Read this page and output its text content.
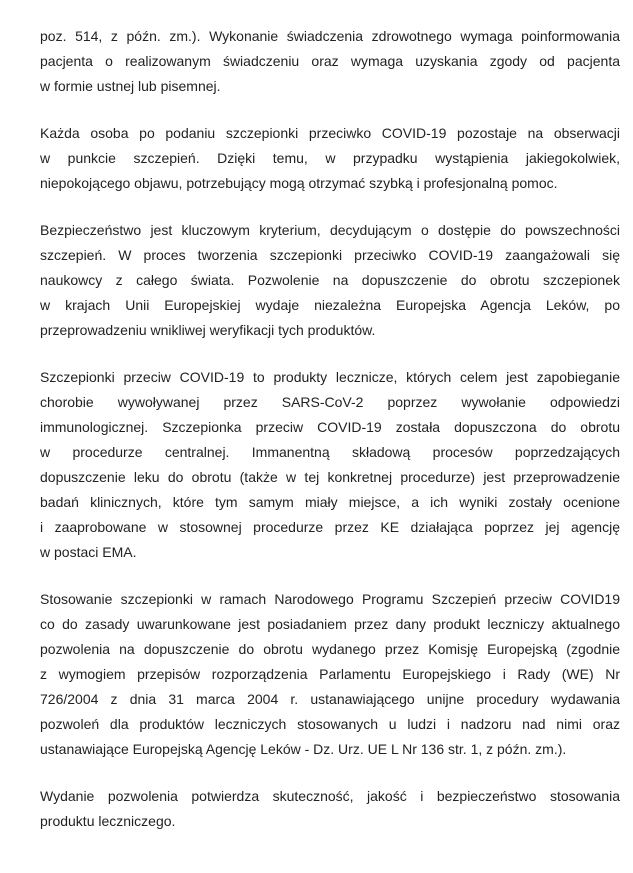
poz. 514, z późn. zm.). Wykonanie świadczenia zdrowotnego wymaga poinformowania
pacjenta o realizowanym świadczeniu oraz wymaga uzyskania zgody od pacjenta
w formie ustnej lub pisemnej.
Każda osoba po podaniu szczepionki przeciwko COVID-19 pozostaje na obserwacji
w punkcie szczepień. Dzięki temu, w przypadku wystąpienia jakiegokolwiek,
niepokojącego objawu, potrzebujący mogą otrzymać szybką i profesjonalną pomoc.
Bezpieczeństwo jest kluczowym kryterium, decydującym o dostępie do powszechności
szczepień. W proces tworzenia szczepionki przeciwko COVID-19 zaangażowali się
naukowcy z całego świata. Pozwolenie na dopuszczenie do obrotu szczepionek
w krajach Unii Europejskiej wydaje niezależna Europejska Agencja Leków, po
przeprowadzeniu wnikliwej weryfikacji tych produktów.
Szczepionki przeciw COVID-19 to produkty lecznicze, których celem jest zapobieganie
chorobie wywoływanej przez SARS-CoV-2 poprzez wywołanie odpowiedzi
immunologicznej. Szczepionka przeciw COVID-19 została dopuszczona do obrotu
w procedurze centralnej. Immanentną składową procesów poprzedzających
dopuszczenie leku do obrotu (także w tej konkretnej procedurze) jest przeprowadzenie
badań klinicznych, które tym samym miały miejsce, a ich wyniki zostały ocenione
i zaaprobowane w stosownej procedurze przez KE działająca poprzez jej agencję
w postaci EMA.
Stosowanie szczepionki w ramach Narodowego Programu Szczepień przeciw COVID19
co do zasady uwarunkowane jest posiadaniem przez dany produkt leczniczy aktualnego
pozwolenia na dopuszczenie do obrotu wydanego przez Komisję Europejską (zgodnie
z wymogiem przepisów rozporządzenia Parlamentu Europejskiego i Rady (WE) Nr
726/2004 z dnia 31 marca 2004 r. ustanawiającego unijne procedury wydawania
pozwoleń dla produktów leczniczych stosowanych u ludzi i nadzoru nad nimi oraz
ustanawiające Europejską Agencję Leków - Dz. Urz. UE L Nr 136 str. 1, z późn. zm.).
Wydanie pozwolenia potwierdza skuteczność, jakość i bezpieczeństwo stosowania
produktu leczniczego.
